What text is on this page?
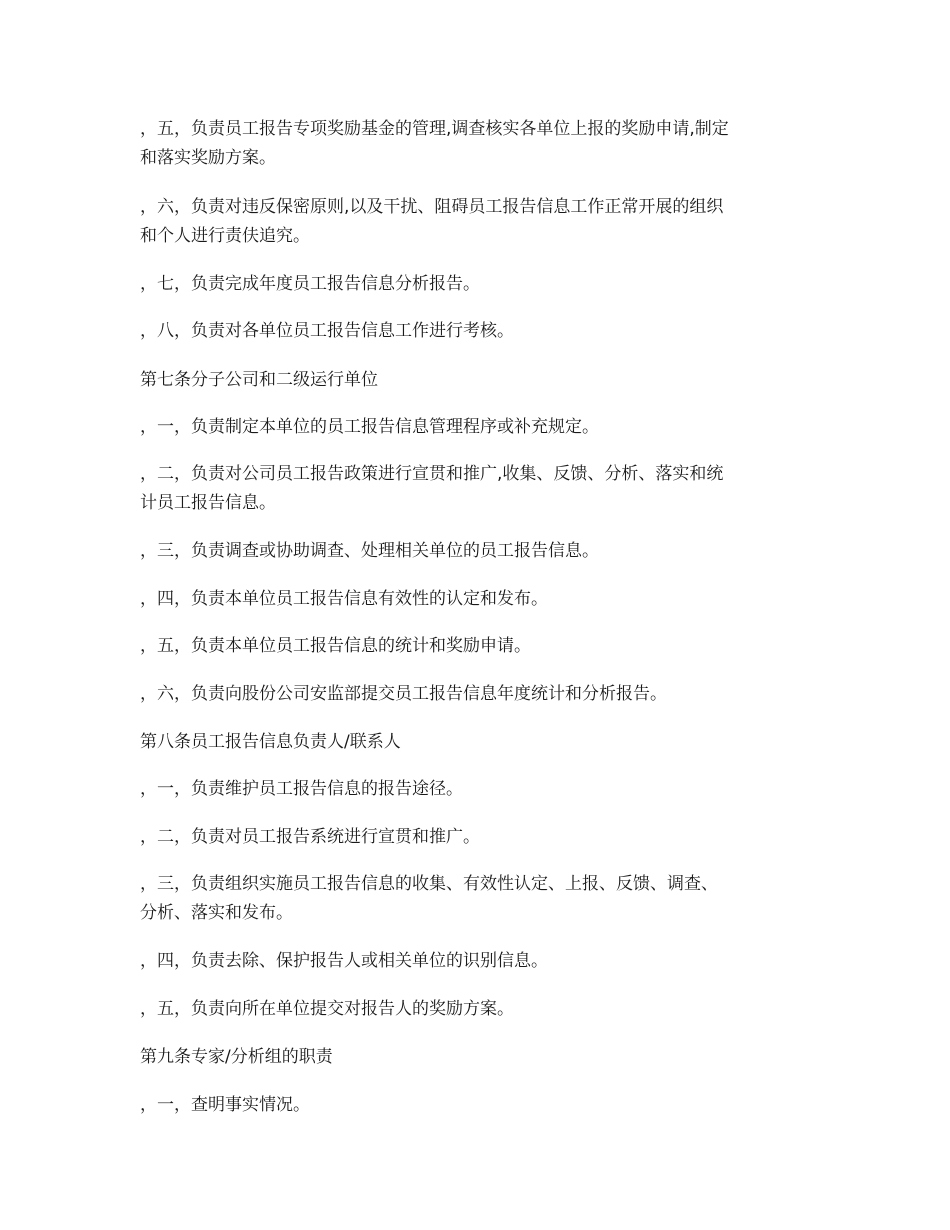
，五，负责员工报告专项奖励基金的管理,调查核实各单位上报的奖励申请,制定
和落实奖励方案。

，六，负责对违反保密原则,以及干扰、阻碍员工报告信息工作正常开展的组织
和个人进行责伕追究。

，七，负责完成年度员工报告信息分析报告。

，八，负责对各单位员工报告信息工作进行考核。

第七条分子公司和二级运行单位

，一，负责制定本单位的员工报告信息管理程序或补充规定。

，二，负责对公司员工报告政策进行宣贯和推广,收集、反馈、分析、落实和统
计员工报告信息。

，三，负责调查或协助调查、处理相关单位的员工报告信息。

，四，负责本单位员工报告信息有效性的认定和发布。

，五，负责本单位员工报告信息的统计和奖励申请。

，六，负责向股份公司安监部提交员工报告信息年度统计和分析报告。

第八条员工报告信息负责人/联系人

，一，负责维护员工报告信息的报告途径。

，二，负责对员工报告系统进行宣贯和推广。

，三，负责组织实施员工报告信息的收集、有效性认定、上报、反馈、调查、
分析、落实和发布。

，四，负责去除、保护报告人或相关单位的识别信息。

，五，负责向所在单位提交对报告人的奖励方案。

第九条专家/分析组的职责

，一，查明事实情况。
